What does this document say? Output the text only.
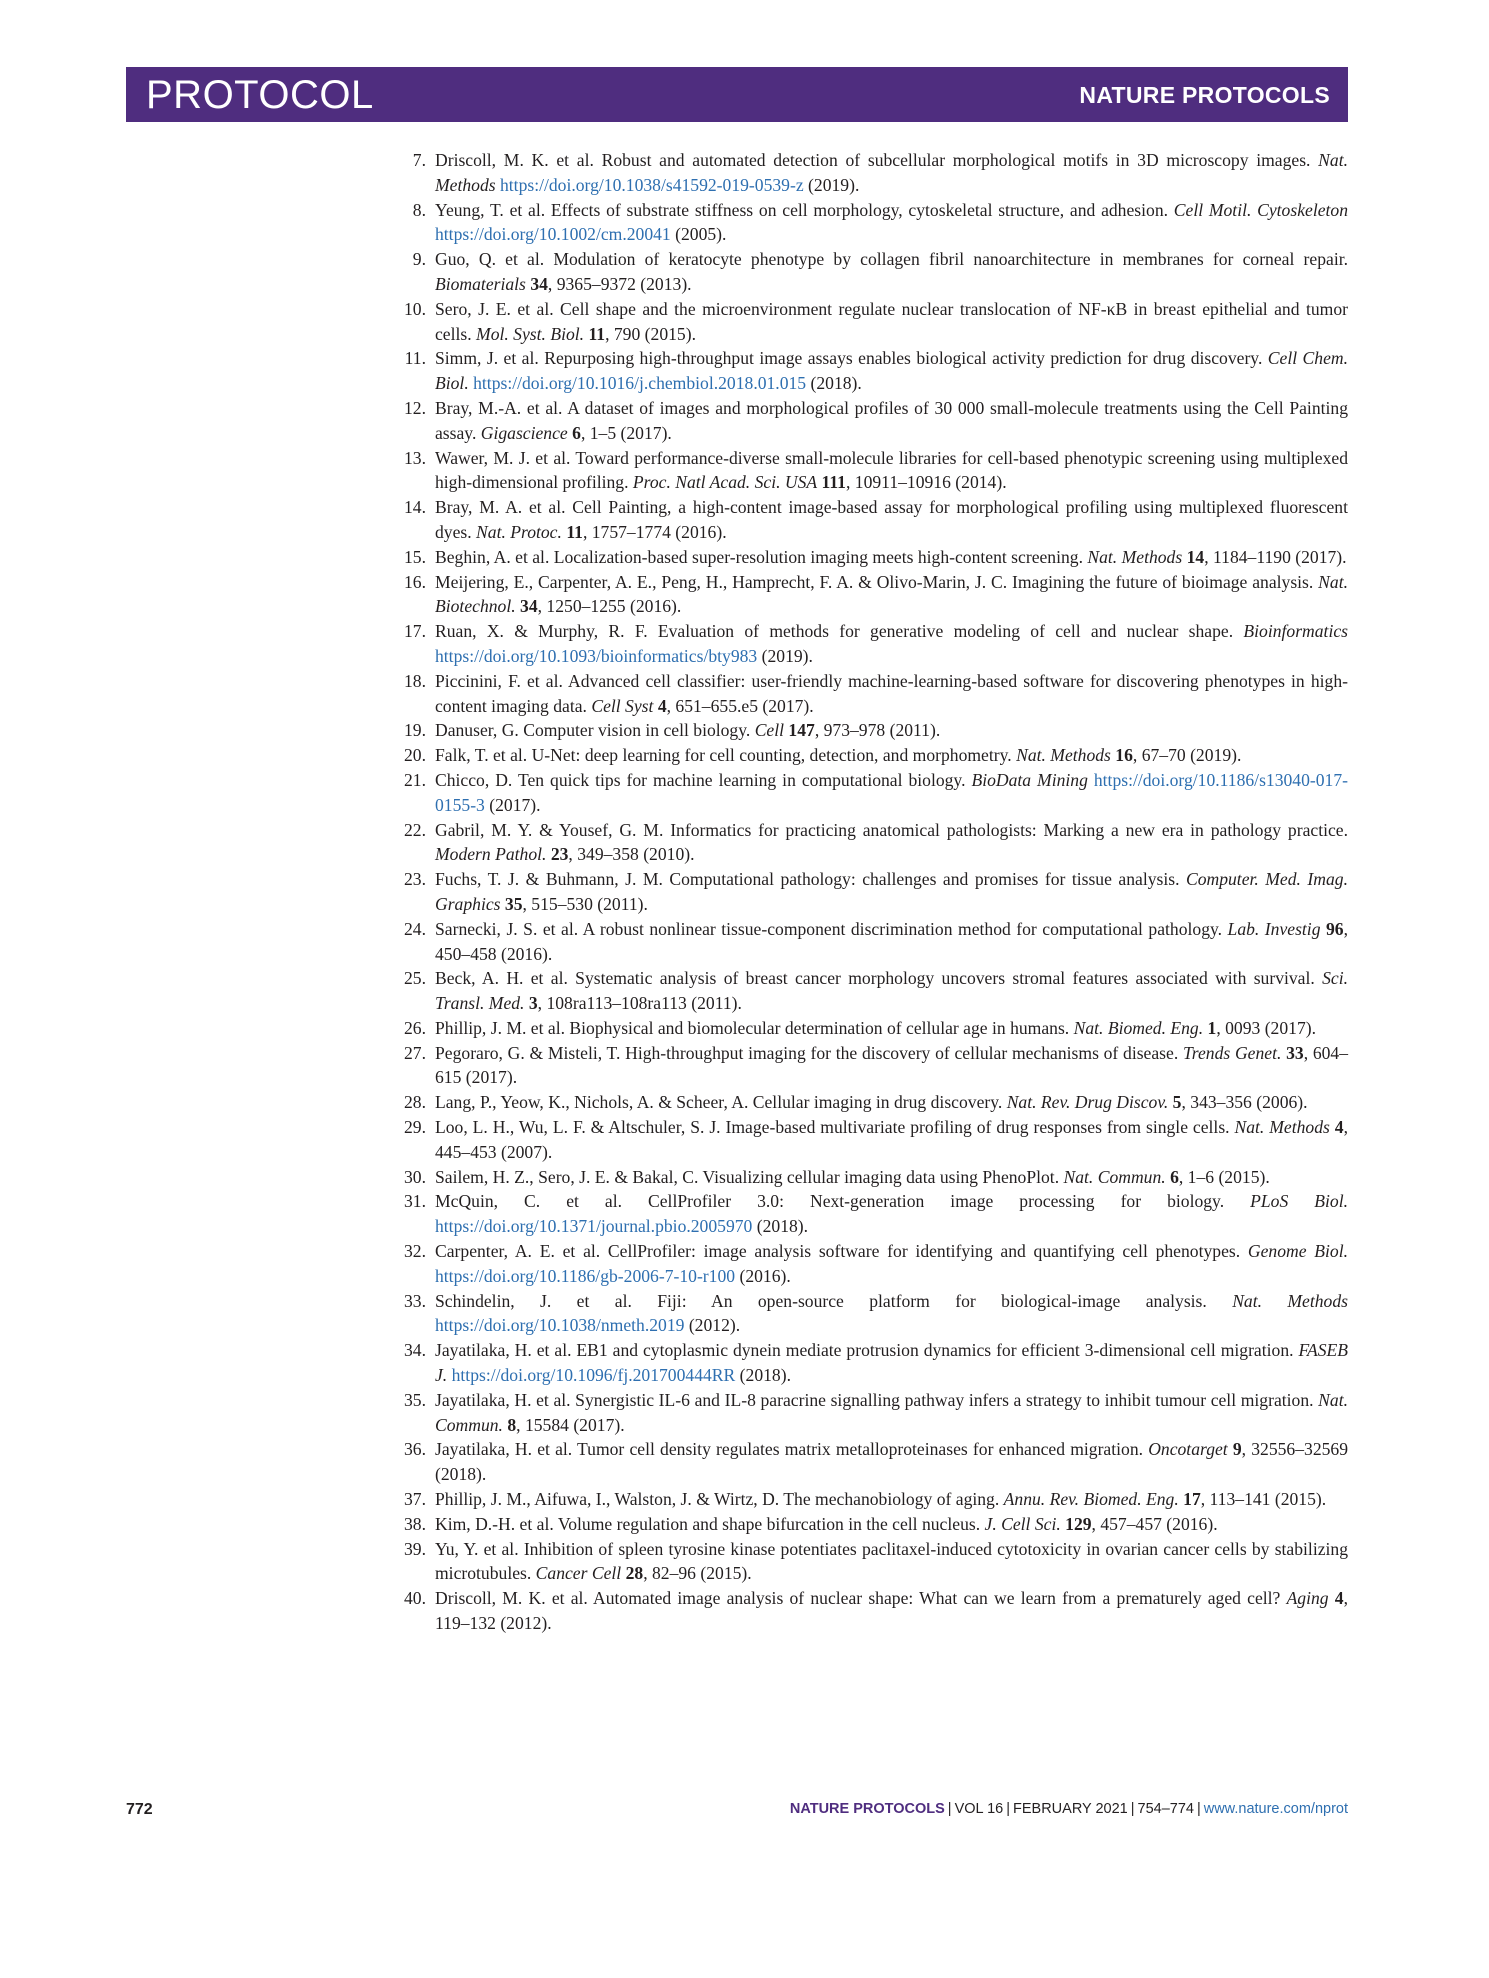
PROTOCOL	NATURE PROTOCOLS
7. Driscoll, M. K. et al. Robust and automated detection of subcellular morphological motifs in 3D microscopy images. Nat. Methods https://doi.org/10.1038/s41592-019-0539-z (2019).
8. Yeung, T. et al. Effects of substrate stiffness on cell morphology, cytoskeletal structure, and adhesion. Cell Motil. Cytoskeleton https://doi.org/10.1002/cm.20041 (2005).
9. Guo, Q. et al. Modulation of keratocyte phenotype by collagen fibril nanoarchitecture in membranes for corneal repair. Biomaterials 34, 9365–9372 (2013).
10. Sero, J. E. et al. Cell shape and the microenvironment regulate nuclear translocation of NF-κB in breast epithelial and tumor cells. Mol. Syst. Biol. 11, 790 (2015).
11. Simm, J. et al. Repurposing high-throughput image assays enables biological activity prediction for drug discovery. Cell Chem. Biol. https://doi.org/10.1016/j.chembiol.2018.01.015 (2018).
12. Bray, M.-A. et al. A dataset of images and morphological profiles of 30 000 small-molecule treatments using the Cell Painting assay. Gigascience 6, 1–5 (2017).
13. Wawer, M. J. et al. Toward performance-diverse small-molecule libraries for cell-based phenotypic screening using multiplexed high-dimensional profiling. Proc. Natl Acad. Sci. USA 111, 10911–10916 (2014).
14. Bray, M. A. et al. Cell Painting, a high-content image-based assay for morphological profiling using multiplexed fluorescent dyes. Nat. Protoc. 11, 1757–1774 (2016).
15. Beghin, A. et al. Localization-based super-resolution imaging meets high-content screening. Nat. Methods 14, 1184–1190 (2017).
16. Meijering, E., Carpenter, A. E., Peng, H., Hamprecht, F. A. & Olivo-Marin, J. C. Imagining the future of bioimage analysis. Nat. Biotechnol. 34, 1250–1255 (2016).
17. Ruan, X. & Murphy, R. F. Evaluation of methods for generative modeling of cell and nuclear shape. Bioinformatics https://doi.org/10.1093/bioinformatics/bty983 (2019).
18. Piccinini, F. et al. Advanced cell classifier: user-friendly machine-learning-based software for discovering phenotypes in high-content imaging data. Cell Syst 4, 651–655.e5 (2017).
19. Danuser, G. Computer vision in cell biology. Cell 147, 973–978 (2011).
20. Falk, T. et al. U-Net: deep learning for cell counting, detection, and morphometry. Nat. Methods 16, 67–70 (2019).
21. Chicco, D. Ten quick tips for machine learning in computational biology. BioData Mining https://doi.org/10.1186/s13040-017-0155-3 (2017).
22. Gabril, M. Y. & Yousef, G. M. Informatics for practicing anatomical pathologists: Marking a new era in pathology practice. Modern Pathol. 23, 349–358 (2010).
23. Fuchs, T. J. & Buhmann, J. M. Computational pathology: challenges and promises for tissue analysis. Computer. Med. Imag. Graphics 35, 515–530 (2011).
24. Sarnecki, J. S. et al. A robust nonlinear tissue-component discrimination method for computational pathology. Lab. Investig 96, 450–458 (2016).
25. Beck, A. H. et al. Systematic analysis of breast cancer morphology uncovers stromal features associated with survival. Sci. Transl. Med. 3, 108ra113–108ra113 (2011).
26. Phillip, J. M. et al. Biophysical and biomolecular determination of cellular age in humans. Nat. Biomed. Eng. 1, 0093 (2017).
27. Pegoraro, G. & Misteli, T. High-throughput imaging for the discovery of cellular mechanisms of disease. Trends Genet. 33, 604–615 (2017).
28. Lang, P., Yeow, K., Nichols, A. & Scheer, A. Cellular imaging in drug discovery. Nat. Rev. Drug Discov. 5, 343–356 (2006).
29. Loo, L. H., Wu, L. F. & Altschuler, S. J. Image-based multivariate profiling of drug responses from single cells. Nat. Methods 4, 445–453 (2007).
30. Sailem, H. Z., Sero, J. E. & Bakal, C. Visualizing cellular imaging data using PhenoPlot. Nat. Commun. 6, 1–6 (2015).
31. McQuin, C. et al. CellProfiler 3.0: Next-generation image processing for biology. PLoS Biol. https://doi.org/10.1371/journal.pbio.2005970 (2018).
32. Carpenter, A. E. et al. CellProfiler: image analysis software for identifying and quantifying cell phenotypes. Genome Biol. https://doi.org/10.1186/gb-2006-7-10-r100 (2016).
33. Schindelin, J. et al. Fiji: An open-source platform for biological-image analysis. Nat. Methods https://doi.org/10.1038/nmeth.2019 (2012).
34. Jayatilaka, H. et al. EB1 and cytoplasmic dynein mediate protrusion dynamics for efficient 3-dimensional cell migration. FASEB J. https://doi.org/10.1096/fj.201700444RR (2018).
35. Jayatilaka, H. et al. Synergistic IL-6 and IL-8 paracrine signalling pathway infers a strategy to inhibit tumour cell migration. Nat. Commun. 8, 15584 (2017).
36. Jayatilaka, H. et al. Tumor cell density regulates matrix metalloproteinases for enhanced migration. Oncotarget 9, 32556–32569 (2018).
37. Phillip, J. M., Aifuwa, I., Walston, J. & Wirtz, D. The mechanobiology of aging. Annu. Rev. Biomed. Eng. 17, 113–141 (2015).
38. Kim, D.-H. et al. Volume regulation and shape bifurcation in the cell nucleus. J. Cell Sci. 129, 457–457 (2016).
39. Yu, Y. et al. Inhibition of spleen tyrosine kinase potentiates paclitaxel-induced cytotoxicity in ovarian cancer cells by stabilizing microtubules. Cancer Cell 28, 82–96 (2015).
40. Driscoll, M. K. et al. Automated image analysis of nuclear shape: What can we learn from a prematurely aged cell? Aging 4, 119–132 (2012).
772	NATURE PROTOCOLS | VOL 16 | FEBRUARY 2021 | 754–774 | www.nature.com/nprot
